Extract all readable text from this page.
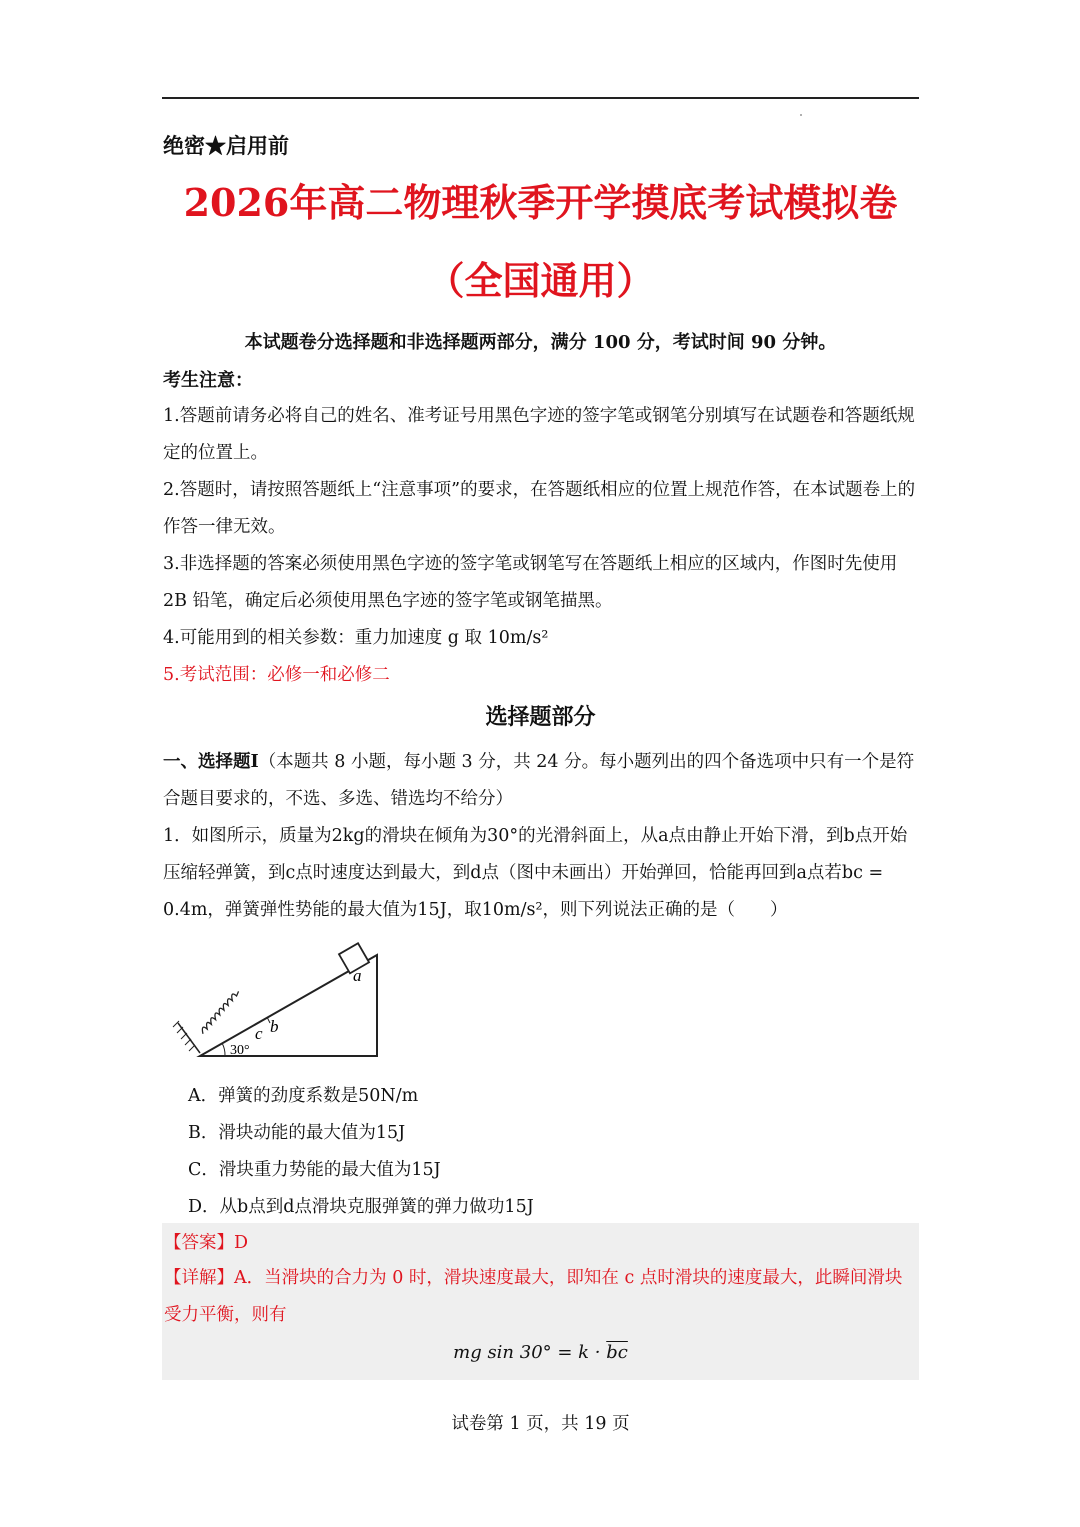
绝密★启用前
2026年高二物理秋季开学摸底考试模拟卷
（全国通用）
本试题卷分选择题和非选择题两部分，满分 100 分，考试时间 90 分钟。
考生注意：
1.答题前请务必将自己的姓名、准考证号用黑色字迹的签字笔或钢笔分别填写在试题卷和答题纸规定的位置上。
2.答题时，请按照答题纸上“注意事项”的要求，在答题纸相应的位置上规范作答，在本试题卷上的作答一律无效。
3.非选择题的答案必须使用黑色字迹的签字笔或钢笔写在答题纸上相应的区域内，作图时先使用 2B 铅笔，确定后必须使用黑色字迹的签字笔或钢笔描黑。
4.可能用到的相关参数：重力加速度 g 取 10m/s²
5.考试范围：必修一和必修二
选择题部分
一、选择题Ⅰ（本题共 8 小题，每小题 3 分，共 24 分。每小题列出的四个备选项中只有一个是符合题目要求的，不选、多选、错选均不给分）
1．如图所示，质量为2kg的滑块在倾角为30°的光滑斜面上，从a点由静止开始下滑，到b点开始压缩轻弹簧，到c点时速度达到最大，到d点（图中未画出）开始弹回，恰能再回到a点若bc = 0.4m，弹簧弹性势能的最大值为15J，取10m/s²，则下列说法正确的是（　　）
a
b
c
30°
A．弹簧的劲度系数是50N/m
B．滑块动能的最大值为15J
C．滑块重力势能的最大值为15J
D．从b点到d点滑块克服弹簧的弹力做功15J
【答案】D
【详解】A．当滑块的合力为 0 时，滑块速度最大，即知在 c 点时滑块的速度最大，此瞬间滑块受力平衡，则有
mg $\sin 30^\circ = k \cdot \overline{bc}$
试卷第 1 页，共 19 页
